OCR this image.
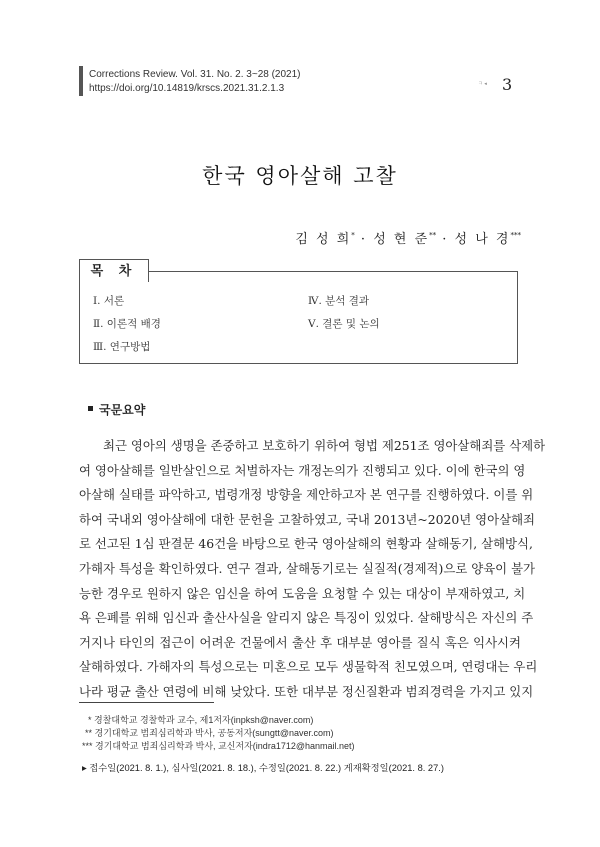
Corrections Review. Vol. 31. No. 2. 3~28 (2021)
https://doi.org/10.14819/krscs.2021.31.2.1.3	ㅋ ◂ 3
한국 영아살해 고찰
김 성 희* · 성 현 준** · 성 나 경***
목 차
Ⅰ. 서론
Ⅱ. 이론적 배경
Ⅲ. 연구방법
Ⅳ. 분석 결과
Ⅴ. 결론 및 논의
국문요약
최근 영아의 생명을 존중하고 보호하기 위하여 형법 제251조 영아살해죄를 삭제하
여 영아살해를 일반살인으로 처벌하자는 개정논의가 진행되고 있다. 이에 한국의 영
아살해 실태를 파악하고, 법령개정 방향을 제안하고자 본 연구를 진행하였다. 이를 위
하여 국내외 영아살해에 대한 문헌을 고찰하였고, 국내 2013년~2020년 영아살해죄
로 선고된 1심 판결문 46건을 바탕으로 한국 영아살해의 현황과 살해동기, 살해방식,
가해자 특성을 확인하였다. 연구 결과, 살해동기로는 실질적(경제적)으로 양육이 불가
능한 경우로 원하지 않은 임신을 하여 도움을 요청할 수 있는 대상이 부재하였고, 치
욕 은폐를 위해 임신과 출산사실을 알리지 않은 특징이 있었다. 살해방식은 자신의 주
거지나 타인의 접근이 어려운 건물에서 출산 후 대부분 영아를 질식 혹은 익사시켜
살해하였다. 가해자의 특성으로는 미혼으로 모두 생물학적 친모였으며, 연령대는 우리
나라 평균 출산 연령에 비해 낮았다. 또한 대부분 정신질환과 범죄경력을 가지고 있지
* 경찰대학교 경찰학과 교수, 제1저자(inpksh@naver.com)
** 경기대학교 범죄심리학과 박사, 공동저자(sungtt@naver.com)
*** 경기대학교 범죄심리학과 박사, 교신저자(indra1712@hanmail.net)
▸ 접수일(2021. 8. 1.), 심사일(2021. 8. 18.), 수정일(2021. 8. 22.) 게재확정일(2021. 8. 27.)
